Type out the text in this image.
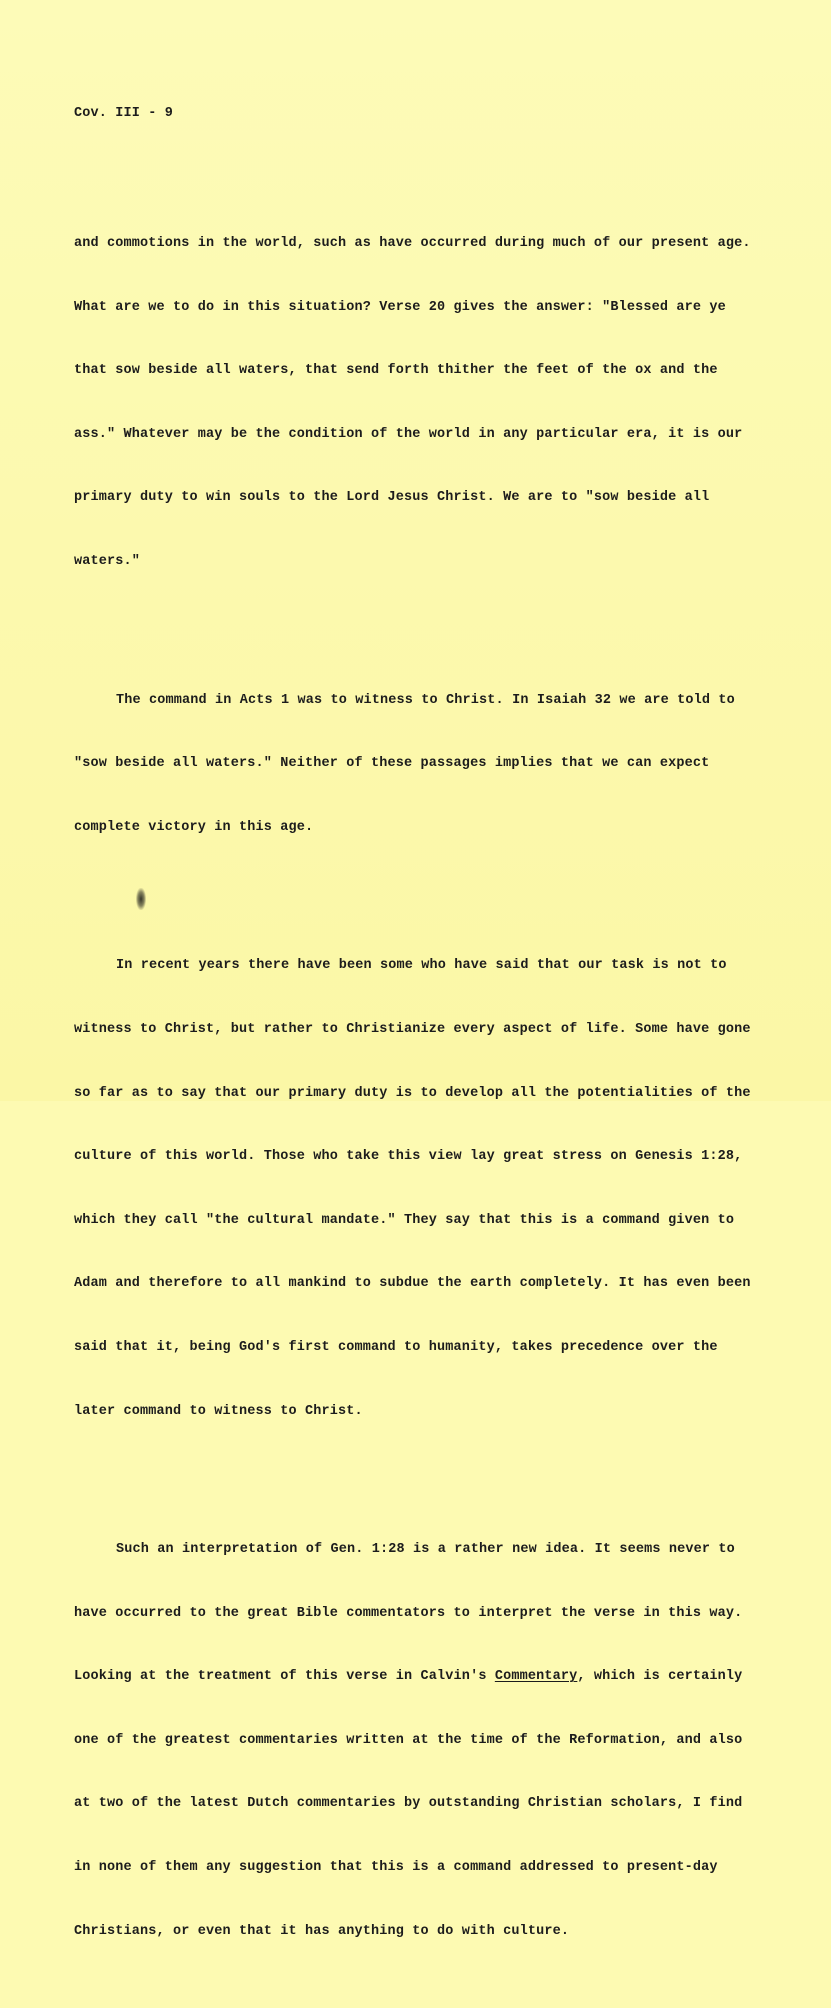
Cov. III - 9

and commotions in the world, such as have occurred during much of our present age.

What are we to do in this situation? Verse 20 gives the answer: "Blessed are ye

that sow beside all waters, that send forth thither the feet of the ox and the

ass." Whatever may be the condition of the world in any particular era, it is our

primary duty to win souls to the Lord Jesus Christ. We are to "sow beside all

waters."

The command in Acts 1 was to witness to Christ. In Isaiah 32 we are told to

"sow beside all waters." Neither of these passages implies that we can expect

complete victory in this age.

In recent years there have been some who have said that our task is not to

witness to Christ, but rather to Christianize every aspect of life. Some have gone

so far as to say that our primary duty is to develop all the potentialities of the

culture of this world. Those who take this view lay great stress on Genesis 1:28,

which they call "the cultural mandate." They say that this is a command given to

Adam and therefore to all mankind to subdue the earth completely. It has even been

said that it, being God's first command to humanity, takes precedence over the

later command to witness to Christ.

Such an interpretation of Gen. 1:28 is a rather new idea. It seems never to

have occurred to the great Bible commentators to interpret the verse in this way.

Looking at the treatment of this verse in Calvin's Commentary, which is certainly

one of the greatest commentaries written at the time of the Reformation, and also

at two of the latest Dutch commentaries by outstanding Christian scholars, I find

in none of them any suggestion that this is a command addressed to present-day

Christians, or even that it has anything to do with culture.
